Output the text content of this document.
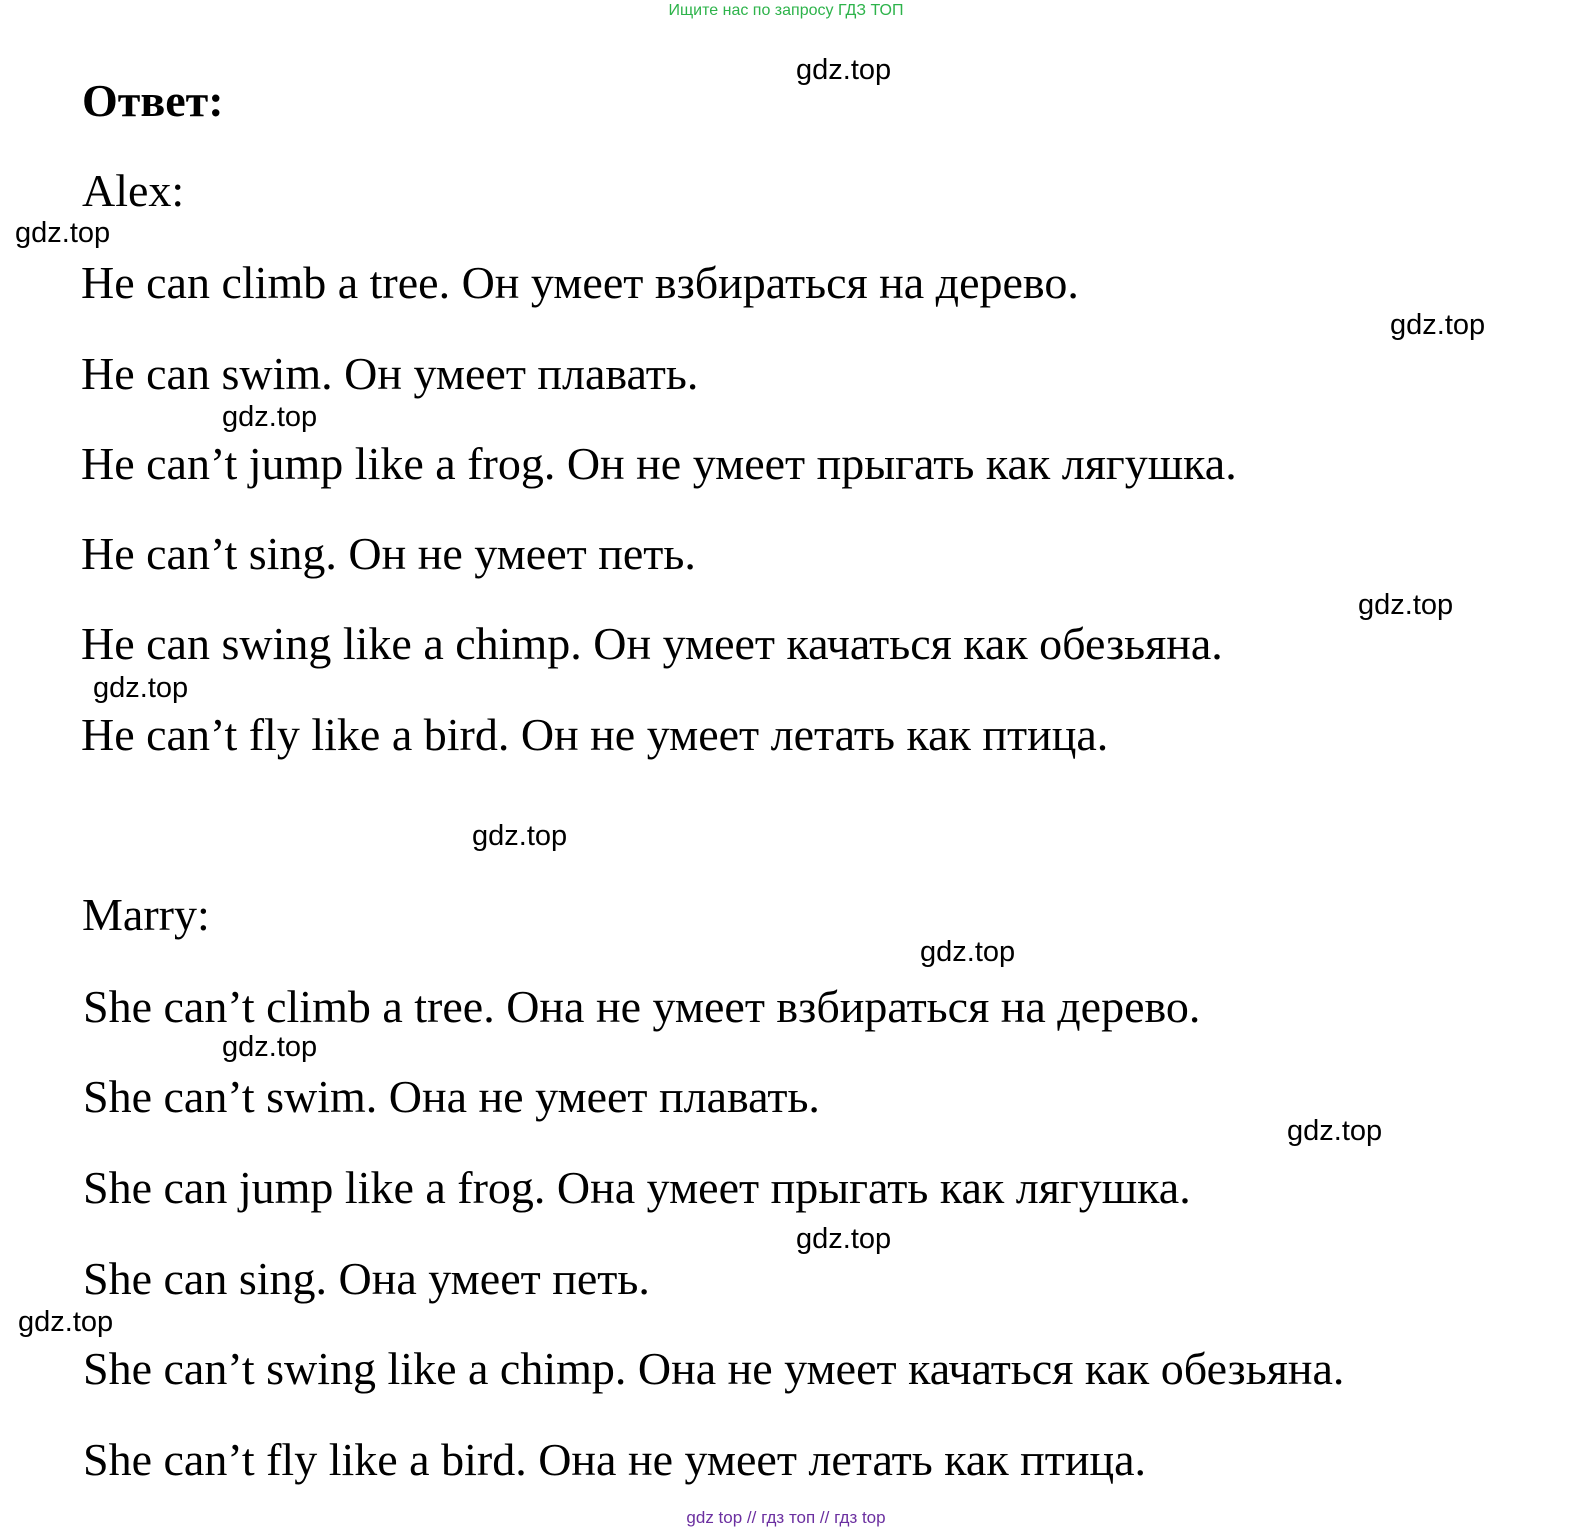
Ищите нас по запросу ГДЗ ТОП
Ответ:
Alex:
He can climb a tree. Он умеет взбираться на дерево.
He can swim. Он умеет плавать.
He can’t jump like a frog. Он не умеет прыгать как лягушка.
He can’t sing. Он не умеет петь.
He can swing like a chimp. Он умеет качаться как обезьяна.
He can’t fly like a bird. Он не умеет летать как птица.
Marry:
She can’t climb a tree. Она не умеет взбираться на дерево.
She can’t swim. Она не умеет плавать.
She can jump like a frog. Она умеет прыгать как лягушка.
She can sing. Она умеет петь.
She can’t swing like a chimp. Она не умеет качаться как обезьяна.
She can’t fly like a bird. Она не умеет летать как птица.
gdz.top
gdz.top
gdz.top
gdz.top
gdz.top
gdz.top
gdz.top
gdz.top
gdz.top
gdz.top
gdz.top
gdz.top
gdz top // гдз топ // гдз top
